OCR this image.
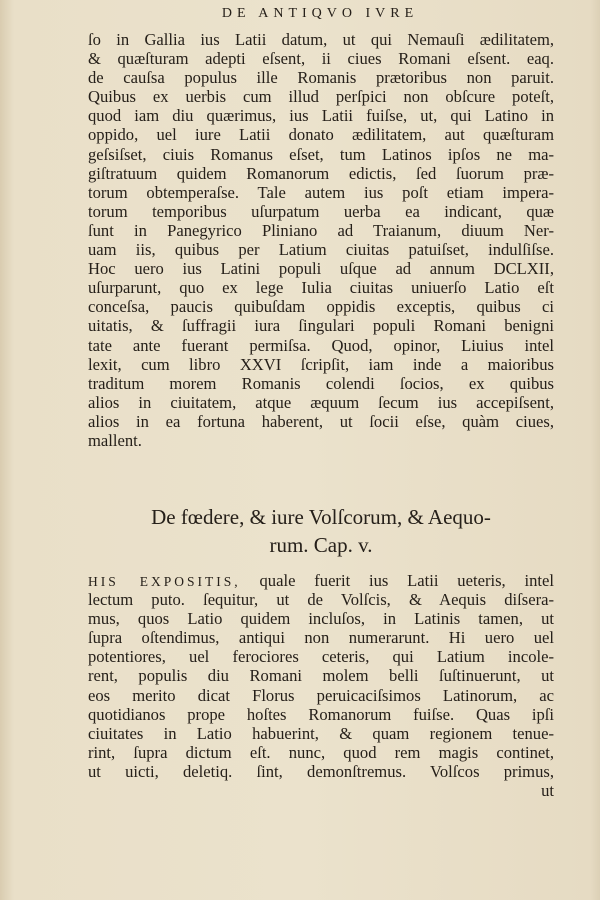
DE ANTIQVO IVRE
ſo in Gallia ius Latii datum, ut qui Nemauſi ædilitatem,
& quæſturam adepti eſsent, ii ciues Romani eſsent. eaq.
de cauſsa populus ille Romanis prætoribus non paruit.
Quibus ex uerbis cum illud perſpici non obſcure poteſt,
quod iam diu quærimus, ius Latii fuiſse, ut, qui Latino in
oppido, uel iure Latii donato ædilitatem, aut quæſturam
geſsiſset, ciuis Romanus eſset, tum Latinos ipſos ne ma-
giſtratuum quidem Romanorum edictis, ſed ſuorum præ-
torum obtemperaſse. Tale autem ius poſt etiam impera-
torum temporibus uſurpatum uerba ea indicant, quæ
ſunt in Panegyrico Pliniano ad Traianum, diuum Ner-
uam iis, quibus per Latium ciuitas patuiſset, indulſiſse.
Hoc uero ius Latini populi uſque ad annum DCLXII,
uſurparunt, quo ex lege Iulia ciuitas uniuerſo Latio eſt
conceſsa, paucis quibuſdam oppidis exceptis, quibus ci
uitatis, & ſuffragii iura ſingulari populi Romani benigni
tate ante fuerant permiſsa. Quod, opinor, Liuius intel
lexit, cum libro XXVI ſcripſit, iam inde a maioribus
traditum morem Romanis colendi ſocios, ex quibus
alios in ciuitatem, atque æquum ſecum ius accepiſsent,
alios in ea fortuna haberent, ut ſocii eſse, quàm ciues,
mallent.
De fœdere, & iure Volſcorum, & Aequo-
rum. Cap. v.
HIS EXPOSITIS, quale fuerit ius Latii ueteris, intel
lectum puto. ſequitur, ut de Volſcis, & Aequis diſsera-
mus, quos Latio quidem incluſos, in Latinis tamen, ut
ſupra oſtendimus, antiqui non numerarunt. Hi uero uel
potentiores, uel ferociores ceteris, qui Latium incole-
rent, populis diu Romani molem belli ſuſtinuerunt, ut
eos merito dicat Florus peruicaciſsimos Latinorum, ac
quotidianos prope hoſtes Romanorum fuiſse. Quas ipſi
ciuitates in Latio habuerint, & quam regionem tenue-
rint, ſupra dictum eſt. nunc, quod rem magis continet,
ut uicti, deletiq. ſint, demonſtremus. Volſcos primus,
ut
